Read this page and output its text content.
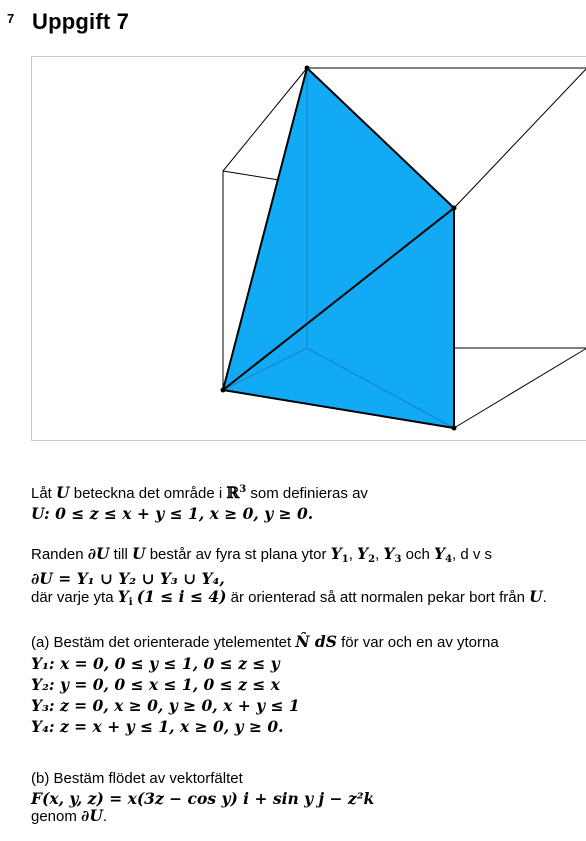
7 Uppgift 7
Låt U beteckna det område i ℝ$^3$ som definieras av
U: 0 ≤ z ≤ x + y ≤ 1, x ≥ 0, y ≥ 0.
Randen ∂U till U består av fyra st plana ytor $Y_1$, $Y_2$, $Y_3$ och $Y_4$, d v s
∂U = Y₁ ∪ Y₂ ∪ Y₃ ∪ Y₄,
där varje yta $Y_i$ (1 ≤ i ≤ 4) är orienterad så att normalen pekar bort från U.
(a) Bestäm det orienterade ytelementet N̂ dS för var och en av ytorna
Y₁: x = 0, 0 ≤ y ≤ 1, 0 ≤ z ≤ y
Y₂: y = 0, 0 ≤ x ≤ 1, 0 ≤ z ≤ x
Y₃: z = 0, x ≥ 0, y ≥ 0, x + y ≤ 1
Y₄: z = x + y ≤ 1, x ≥ 0, y ≥ 0.
(b) Bestäm flödet av vektorfältet
F(x, y, z) = x(3z − cos y) i + sin y j − z²k
genom ∂U.
